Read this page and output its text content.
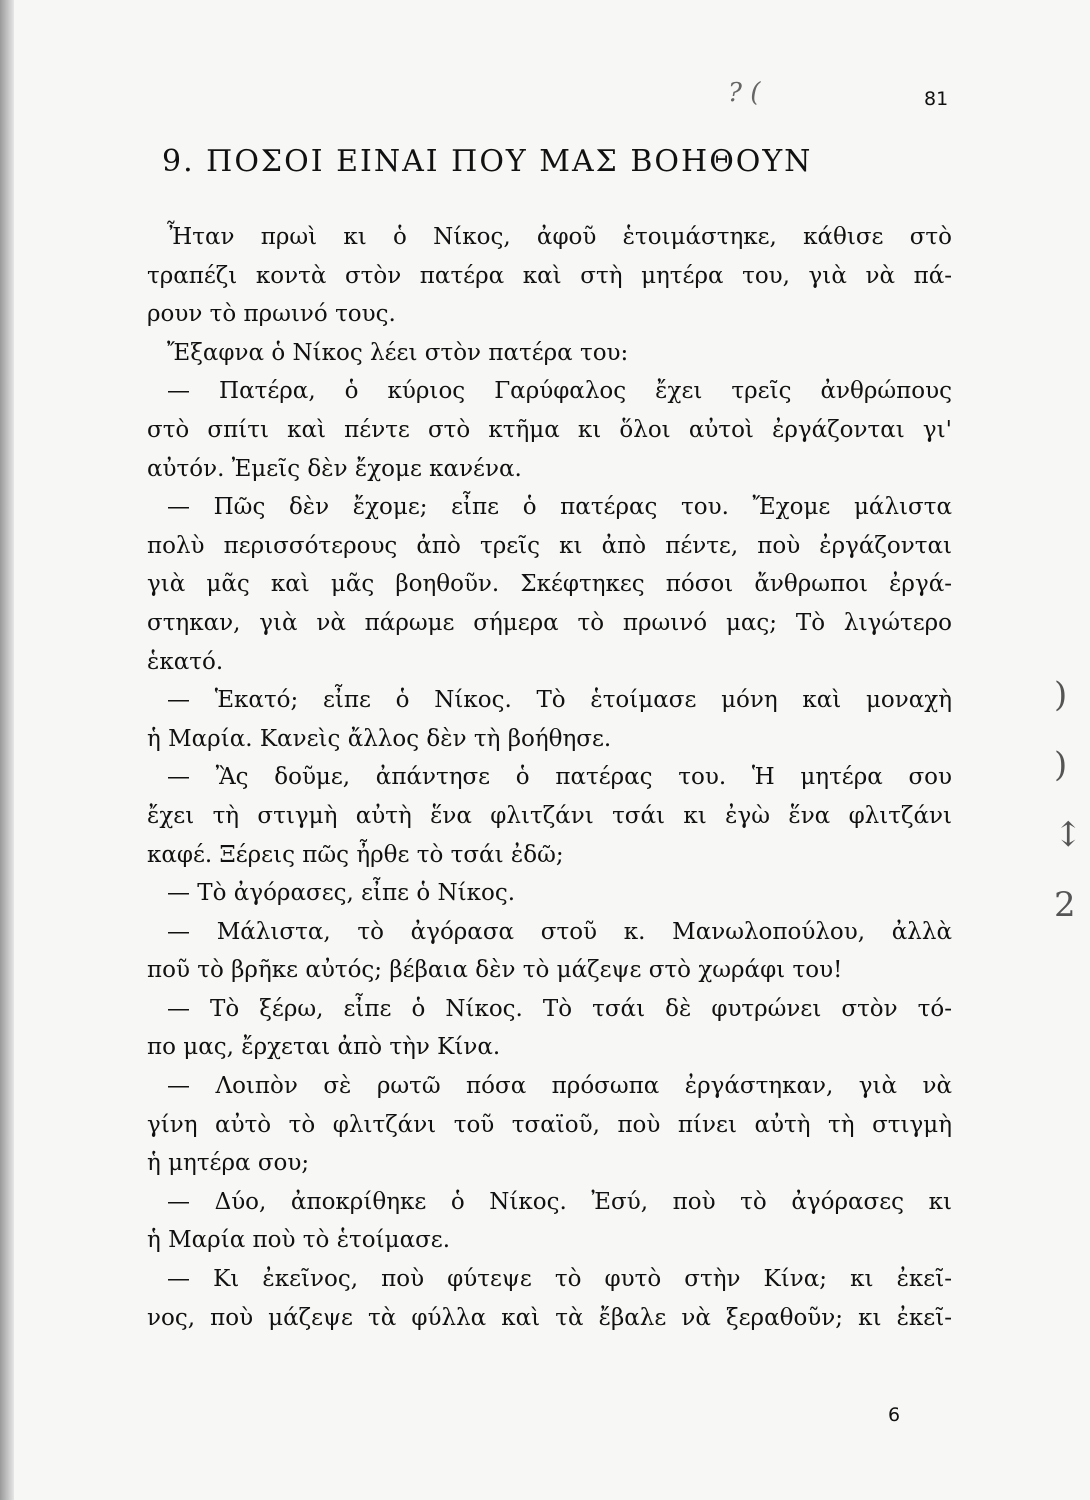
? (	81
9. ΠΟΣΟΙ ΕΙΝΑΙ ΠΟΥ ΜΑΣ ΒΟΗΘΟΥΝ
Ἦταν πρωὶ κι ὁ Νίκος, ἀφοῦ ἑτοιμάστηκε, κάθισε στὸ
τραπέζι κοντὰ στὸν πατέρα καὶ στὴ μητέρα του, γιὰ νὰ πά-
ρουν τὸ πρωινό τους.
Ἔξαφνα ὁ Νίκος λέει στὸν πατέρα του:
— Πατέρα, ὁ κύριος Γαρύφαλος ἔχει τρεῖς ἀνθρώπους
στὸ σπίτι καὶ πέντε στὸ κτῆμα κι ὅλοι αὐτοὶ ἐργάζονται γι'
αὐτόν. Ἐμεῖς δὲν ἔχομε κανένα.
— Πῶς δὲν ἔχομε; εἶπε ὁ πατέρας του. Ἔχομε μάλιστα
πολὺ περισσότερους ἀπὸ τρεῖς κι ἀπὸ πέντε, ποὺ ἐργάζονται
γιὰ μᾶς καὶ μᾶς βοηθοῦν. Σκέφτηκες πόσοι ἄνθρωποι ἐργά-
στηκαν, γιὰ νὰ πάρωμε σήμερα τὸ πρωινό μας; Τὸ λιγώτερο
ἑκατό.
— Ἑκατό; εἶπε ὁ Νίκος. Τὸ ἑτοίμασε μόνη καὶ μοναχὴ
ἡ Μαρία. Κανεὶς ἄλλος δὲν τὴ βοήθησε.
— Ἂς δοῦμε, ἀπάντησε ὁ πατέρας του. Ἡ μητέρα σου
ἔχει τὴ στιγμὴ αὐτὴ ἕνα φλιτζάνι τσάι κι ἐγὼ ἕνα φλιτζάνι
καφέ. Ξέρεις πῶς ἦρθε τὸ τσάι ἐδῶ;
— Τὸ ἀγόρασες, εἶπε ὁ Νίκος.
— Μάλιστα, τὸ ἀγόρασα στοῦ κ. Μανωλοπούλου, ἀλλὰ
ποῦ τὸ βρῆκε αὐτός; βέβαια δὲν τὸ μάζεψε στὸ χωράφι του!
— Τὸ ξέρω, εἶπε ὁ Νίκος. Τὸ τσάι δὲ φυτρώνει στὸν τό-
πο μας, ἔρχεται ἀπὸ τὴν Κίνα.
— Λοιπὸν σὲ ρωτῶ πόσα πρόσωπα ἐργάστηκαν, γιὰ νὰ
γίνη αὐτὸ τὸ φλιτζάνι τοῦ τσαϊοῦ, ποὺ πίνει αὐτὴ τὴ στιγμὴ
ἡ μητέρα σου;
— Δύο, ἀποκρίθηκε ὁ Νίκος. Ἐσύ, ποὺ τὸ ἀγόρασες κι
ἡ Μαρία ποὺ τὸ ἑτοίμασε.
— Κι ἐκεῖνος, ποὺ φύτεψε τὸ φυτὸ στὴν Κίνα; κι ἐκεῖ-
νος, ποὺ μάζεψε τὰ φύλλα καὶ τὰ ἔβαλε νὰ ξεραθοῦν; κι ἐκεῖ-
6
) ) ↕ 2
